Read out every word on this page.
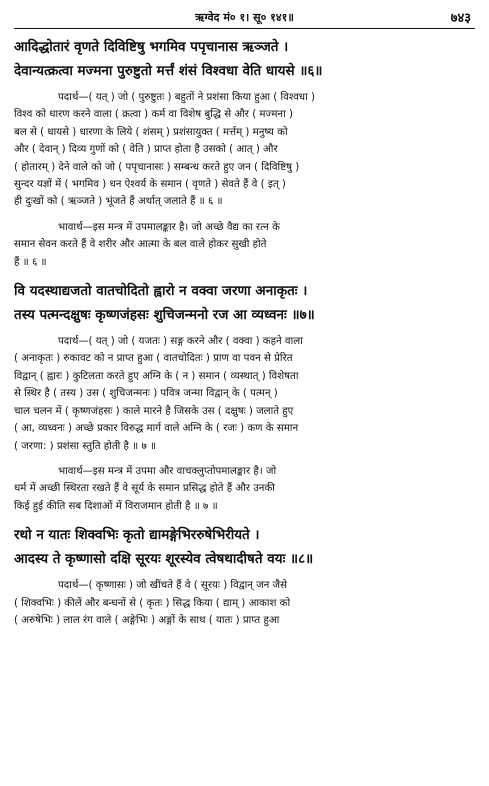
ऋग्वेद मं० १। सू० १४१॥	७४३
आदिद्धोतारं वृणते दिविष्टिषु भगमिव पपृचानास ऋञ्जते ।
देवान्यत्क्रत्वा मज्मना पुरुष्टुतो मर्त्तं शंसं विश्वधा वेति धायसे ॥६॥
पदार्थ—( यत् ) जो ( पुरुष्टुतः ) बहुतों ने प्रशंसा किया हुआ ( विश्वधा )
विश्व को धारण करने वाला ( क्रत्वा ) कर्म वा विशेष बुद्धि से और ( मज्मना )
बल से ( धायसे ) धारणा के लिये ( शंसम् ) प्रशंसायुक्त ( मर्त्तम् ) मनुष्य को
और ( देवान् ) दिव्य गुणों को ( वेति ) प्राप्त होता है उसको ( आत् ) और
( होतारम् ) देने वाले को जो ( पपृचानासः ) सम्बन्ध करते हुए जन ( दिविष्टिषु )
सुन्दर यज्ञों में ( भगमिव ) धन ऐश्वर्य के समान ( वृणते ) सेवते हैं वे ( इत् )
ही दुःखों को ( ऋञ्जते ) भूंजते हैं अर्थात् जलाते हैं ॥ ६ ॥
भावार्थ—इस मन्त्र में उपमालङ्कार है। जो अच्छे वैद्य का रत्न के
समान सेवन करते हैं वे शरीर और आत्मा के बल वाले होकर सुखी होते
हैं ॥ ६ ॥
वि यदस्थाद्यजतो वातचोदितो ह्वारो न वक्वा जरणा अनाकृतः ।
तस्य पत्मन्दक्षुषः कृष्णजंहसः शुचिजन्मनो रज आ व्यध्वनः ॥७॥
पदार्थ—( यत् ) जो ( यजतः ) सङ्ग करने और ( वक्वा ) कहने वाला
( अनाकृतः ) रुकावट को न प्राप्त हुआ ( वातचोदितः ) प्राण वा पवन से प्रेरित
विद्वान् ( ह्वारः ) कुटिलता करते हुए अग्नि के ( न ) समान ( व्यस्थात् ) विशेषता
से स्थिर है ( तस्य ) उस ( शुचिजन्मनः ) पवित्र जन्मा विद्वान् के ( पत्मन् )
चाल चलन में ( कृष्णजंहसः ) काले मारने है जिसके उस ( दक्षुषः ) जलाते हुए
( आ, व्यध्वनः ) अच्छे प्रकार विरुद्ध मार्ग वाले अग्नि के ( रजः ) कण के समान
( जरणा: ) प्रशंसा स्तुति होती है ॥ ७ ॥
भावार्थ—इस मन्त्र में उपमा और वाचक्लुप्तोपमालङ्कार है। जो
धर्म में अच्छी स्थिरता रखते हैं वे सूर्य के समान प्रसिद्ध होते हैं और उनकी
किई हुई कीति सब दिशाओं में विराजमान होती है ॥ ७ ॥
रथो न यातः शिक्वभिः कृतो द्यामङ्गेभिररुषेभिरीयते ।
आदस्य ते कृष्णासो दक्षि सूरयः शूरस्येव त्वेषथादीषते वयः ॥८॥
पदार्थ—( कृष्णासः ) जो खींचते हैं वे ( सूरयः ) विद्वान् जन जैसे
( शिक्वभिः ) कीलें और बन्धनों से ( कृतः ) सिद्ध किया ( द्याम् ) आकाश को
( अरुषेभिः ) लाल रंग वाले ( अङ्गेभिः ) अङ्गों के साथ ( यातः ) प्राप्त हुआ
